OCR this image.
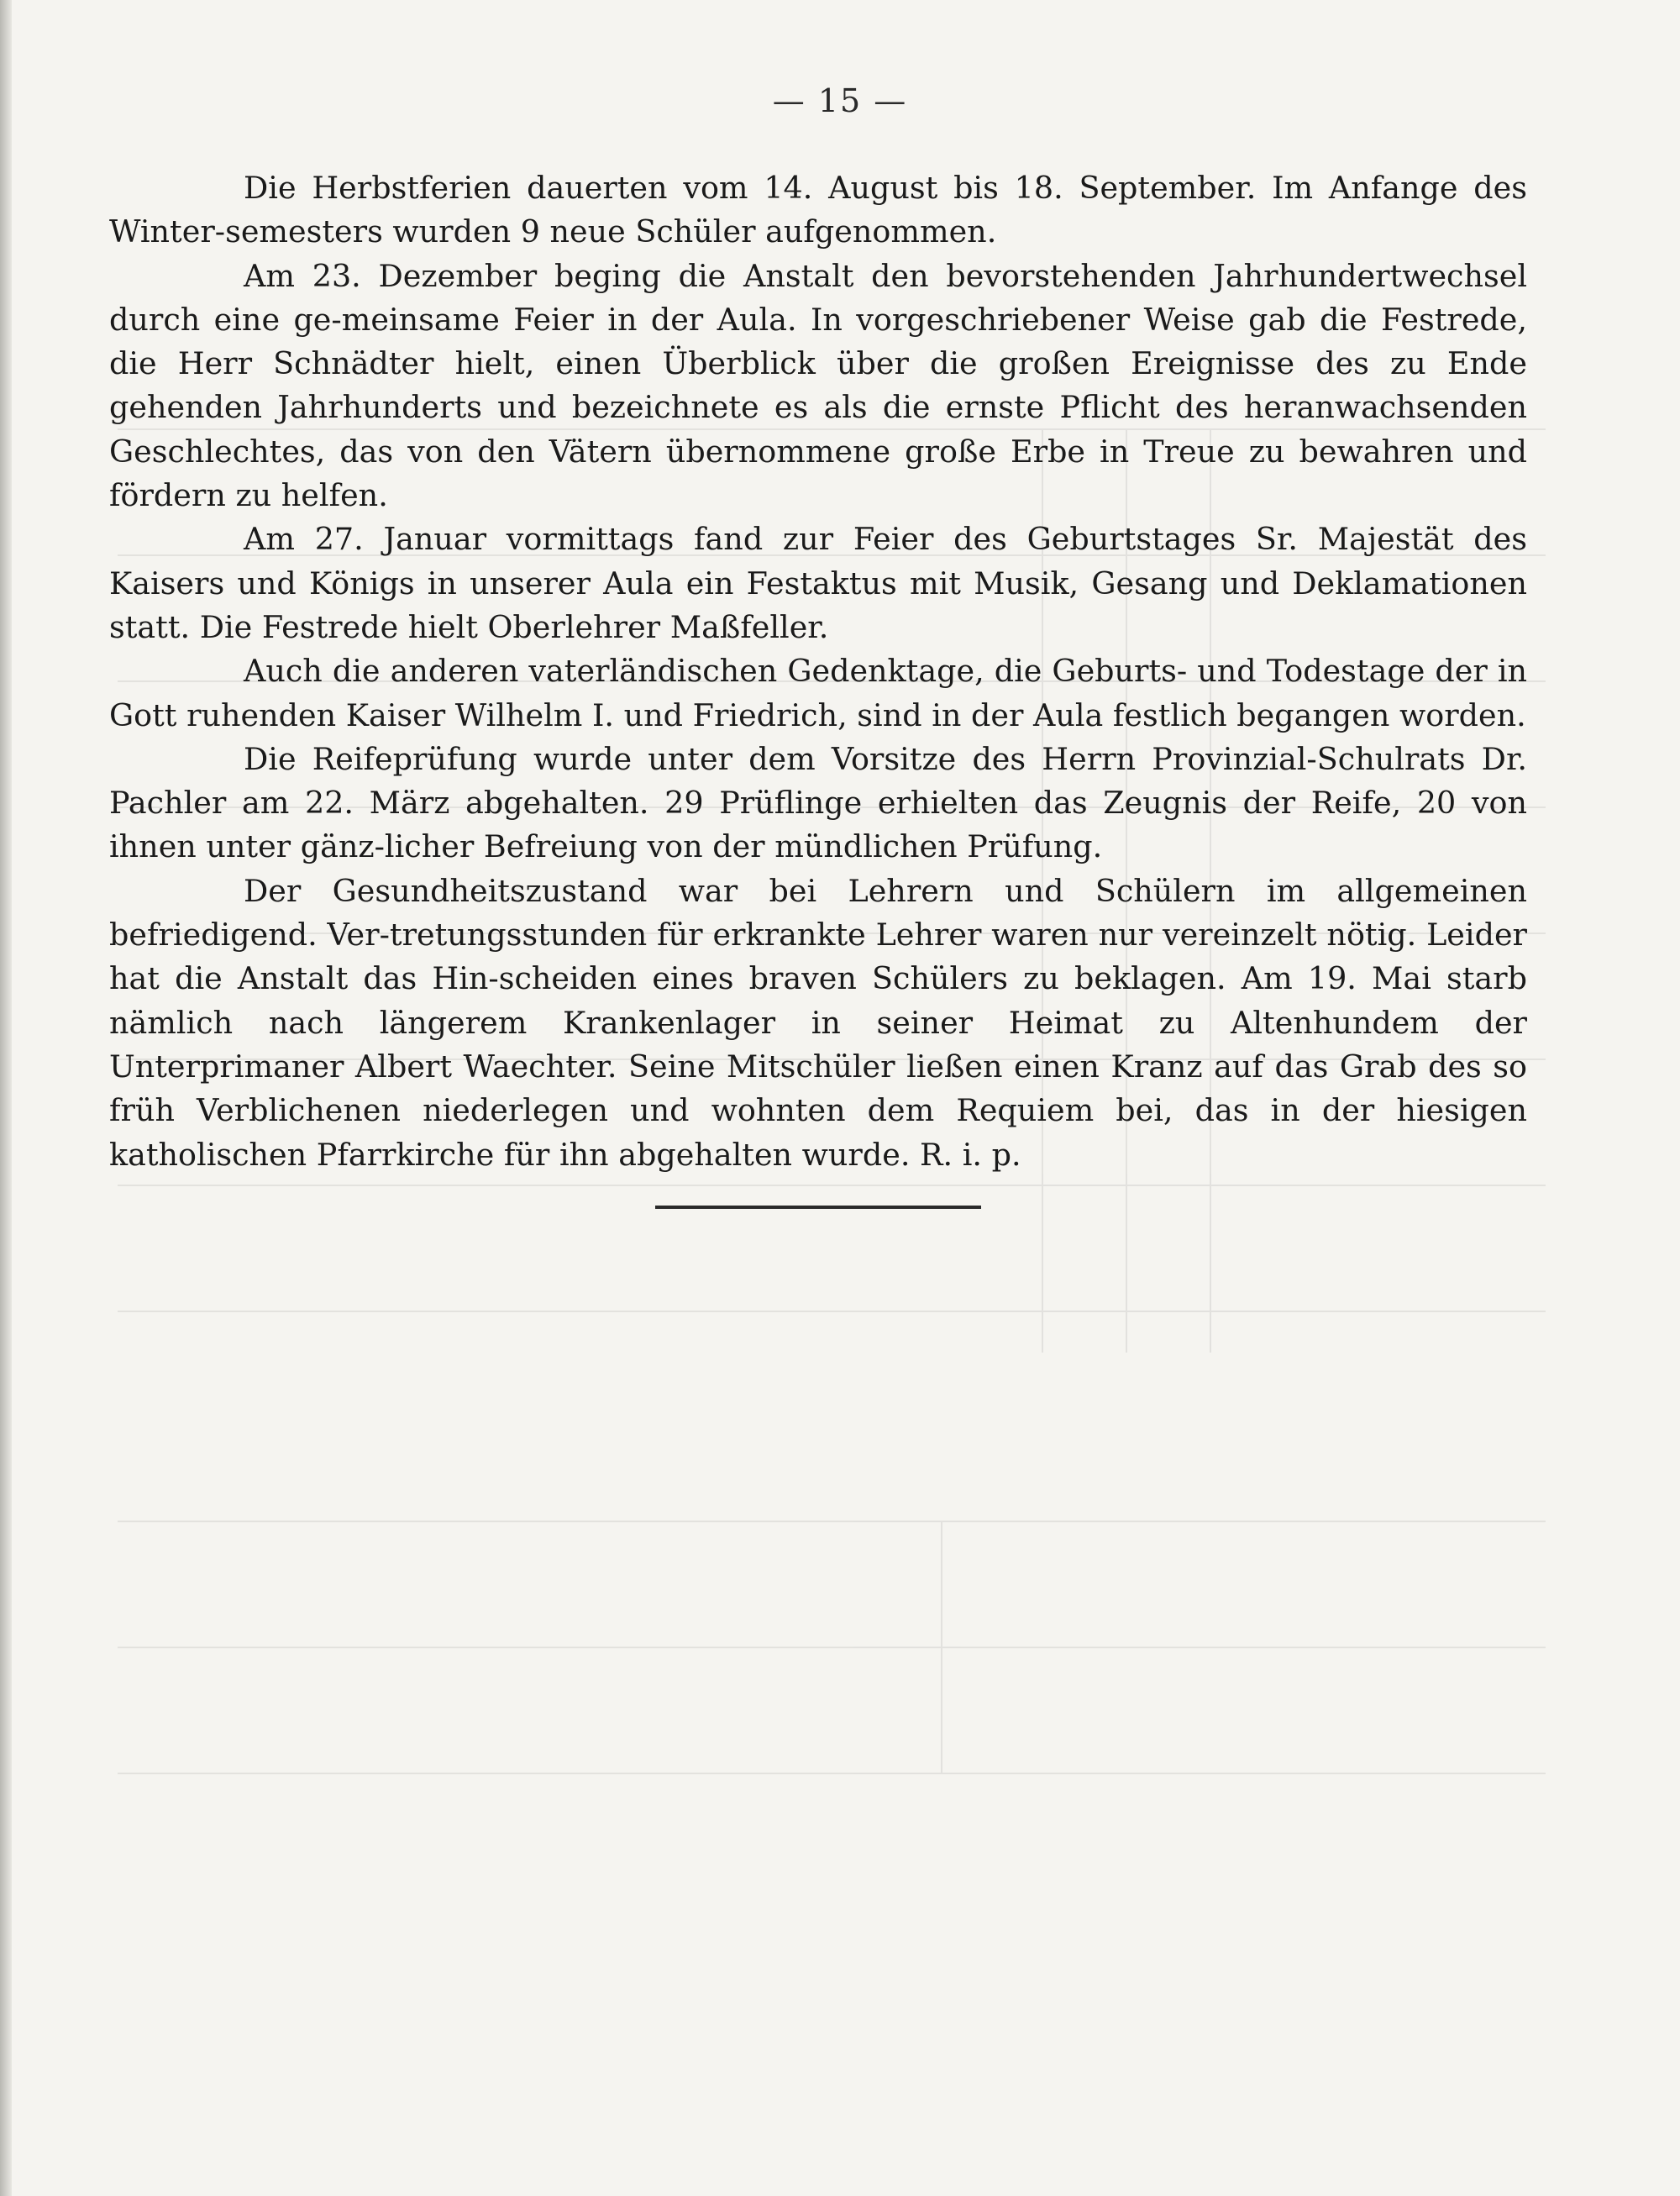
— 15 —

Die Herbstferien dauerten vom 14. August bis 18. September. Im Anfange des Winter-semesters wurden 9 neue Schüler aufgenommen.

Am 23. Dezember beging die Anstalt den bevorstehenden Jahrhundertwechsel durch eine ge-meinsame Feier in der Aula. In vorgeschriebener Weise gab die Festrede, die Herr Schnädter hielt, einen Überblick über die großen Ereignisse des zu Ende gehenden Jahrhunderts und bezeichnete es als die ernste Pflicht des heranwachsenden Geschlechtes, das von den Vätern übernommene große Erbe in Treue zu bewahren und fördern zu helfen.

Am 27. Januar vormittags fand zur Feier des Geburtstages Sr. Majestät des Kaisers und Königs in unserer Aula ein Festaktus mit Musik, Gesang und Deklamationen statt. Die Festrede hielt Oberlehrer Maßfeller.

Auch die anderen vaterländischen Gedenktage, die Geburts- und Todestage der in Gott ruhenden Kaiser Wilhelm I. und Friedrich, sind in der Aula festlich begangen worden.

Die Reifeprüfung wurde unter dem Vorsitze des Herrn Provinzial-Schulrats Dr. Pachler am 22. März abgehalten. 29 Prüflinge erhielten das Zeugnis der Reife, 20 von ihnen unter gänz-licher Befreiung von der mündlichen Prüfung.

Der Gesundheitszustand war bei Lehrern und Schülern im allgemeinen befriedigend. Ver-tretungsstunden für erkrankte Lehrer waren nur vereinzelt nötig. Leider hat die Anstalt das Hin-scheiden eines braven Schülers zu beklagen. Am 19. Mai starb nämlich nach längerem Krankenlager in seiner Heimat zu Altenhundem der Unterprimaner Albert Waechter. Seine Mitschüler ließen einen Kranz auf das Grab des so früh Verblichenen niederlegen und wohnten dem Requiem bei, das in der hiesigen katholischen Pfarrkirche für ihn abgehalten wurde. R. i. p.
